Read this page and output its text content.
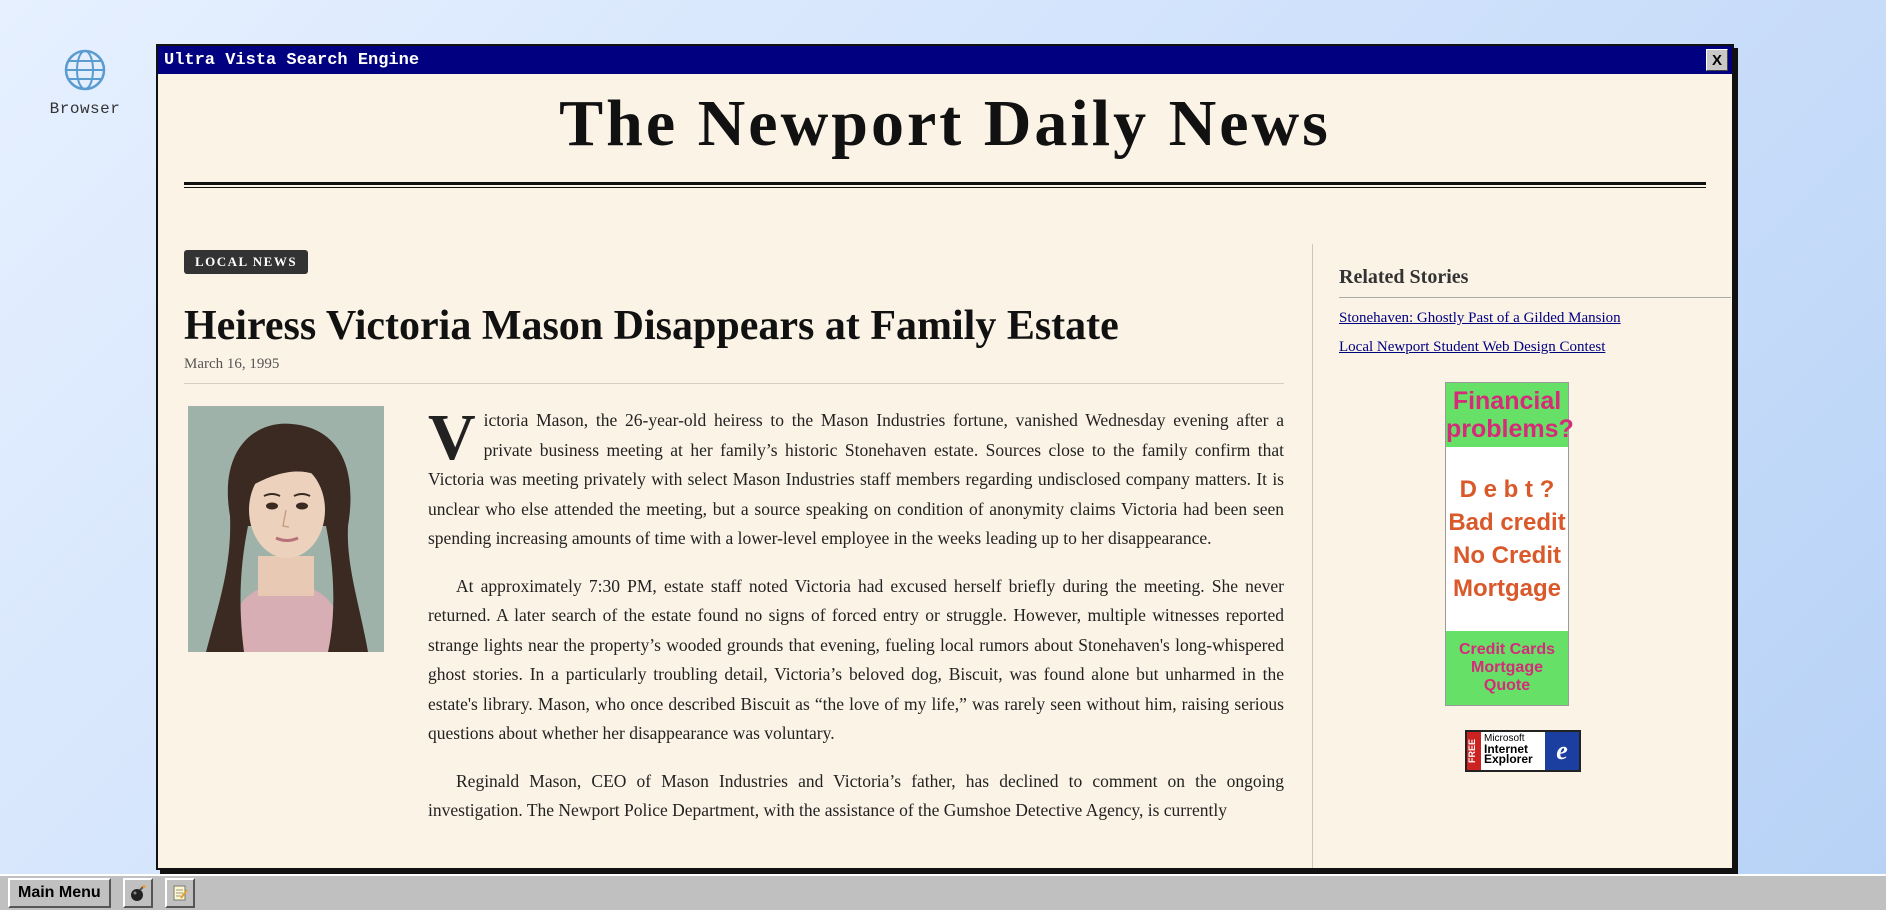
Browser
Ultra Vista Search Engine	X
The Newport Daily News
LOCAL NEWS
Heiress Victoria Mason Disappears at Family Estate
March 16, 1995

Victoria Mason, the 26-year-old heiress to the Mason Industries fortune, vanished Wednesday evening after a private business meeting at her family’s historic Stonehaven estate. Sources close to the family confirm that Victoria was meeting privately with select Mason Industries staff members regarding undisclosed company matters. It is unclear who else attended the meeting, but a source speaking on condition of anonymity claims Victoria had been seen spending increasing amounts of time with a lower-level employee in the weeks leading up to her disappearance.

At approximately 7:30 PM, estate staff noted Victoria had excused herself briefly during the meeting. She never returned. A later search of the estate found no signs of forced entry or struggle. However, multiple witnesses reported strange lights near the property’s wooded grounds that evening, fueling local rumors about Stonehaven's long-whispered ghost stories. In a particularly troubling detail, Victoria’s beloved dog, Biscuit, was found alone but unharmed in the estate's library. Mason, who once described Biscuit as “the love of my life,” was rarely seen without him, raising serious questions about whether her disappearance was voluntary.

Reginald Mason, CEO of Mason Industries and Victoria’s father, has declined to comment on the ongoing investigation. The Newport Police Department, with the assistance of the Gumshoe Detective Agency, is currently

Related Stories
Stonehaven: Ghostly Past of a Gilded Mansion
Local Newport Student Web Design Contest
Financial problems?
D e b t ?
Bad credit
No Credit
Mortgage
Credit Cards Mortgage Quote
FREE
Microsoft
Internet
Explorer e
Main Menu
